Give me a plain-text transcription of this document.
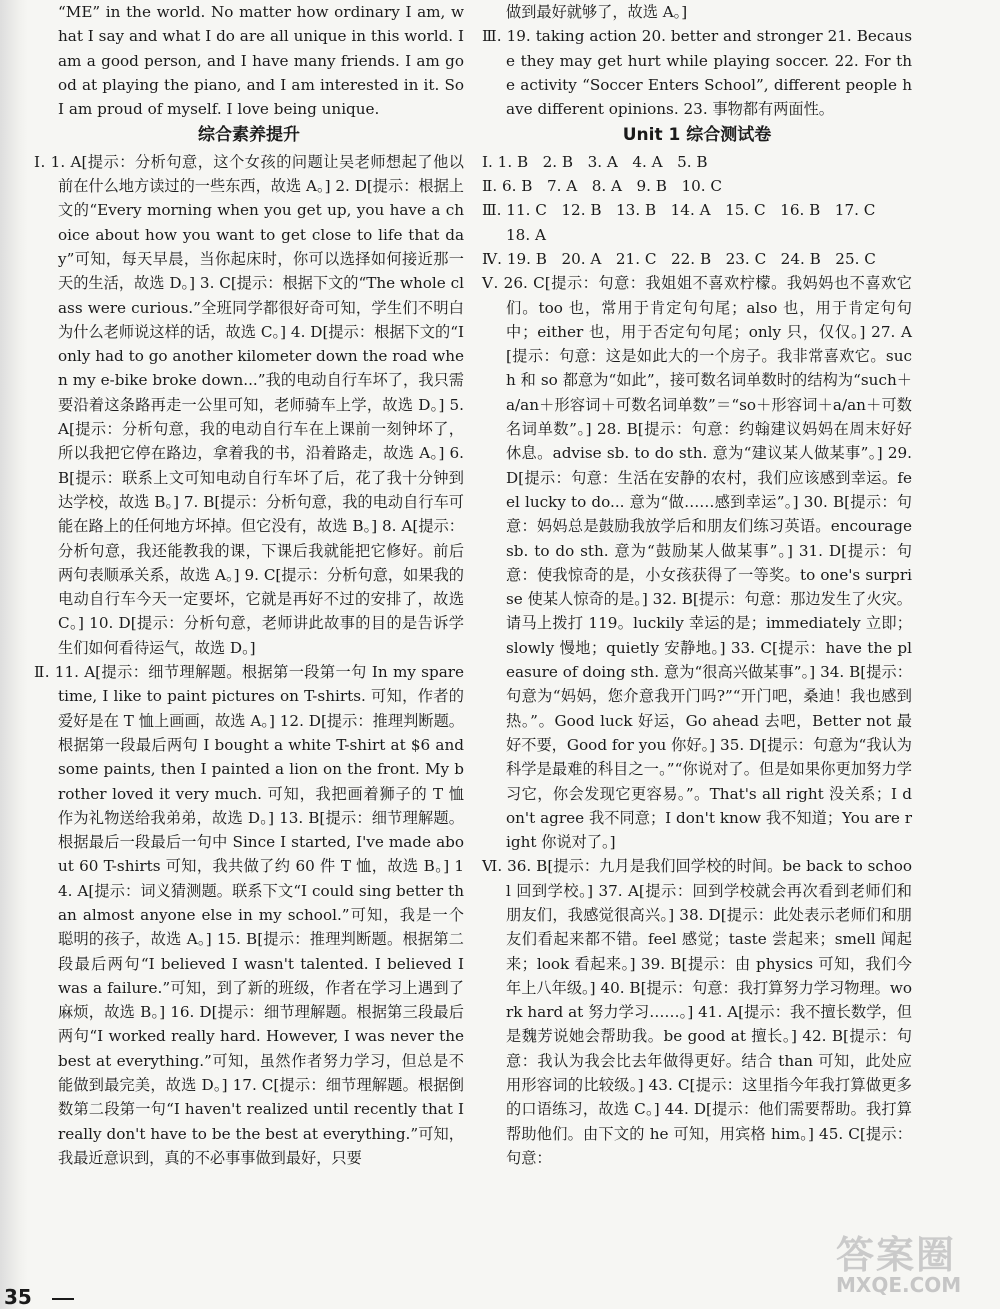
“ME” in the world. No matter how ordinary I am, what I say and what I do are all unique in this world. I am a good person, and I have many friends. I am good at playing the piano, and I am interested in it. So I am proud of myself. I love being unique.

综合素养提升

Ⅰ. 1. A[提示：分析句意，这个女孩的问题让吴老师想起了他以前在什么地方读过的一些东西，故选 A。] 2. D[提示：根据上文的“Every morning when you get up, you have a choice about how you want to get close to life that day”可知，每天早晨，当你起床时，你可以选择如何接近那一天的生活，故选 D。] 3. C[提示：根据下文的“The whole class were curious.”全班同学都很好奇可知，学生们不明白为什么老师说这样的话，故选 C。] 4. D[提示：根据下文的“I only had to go another kilometer down the road when my e-bike broke down...”我的电动自行车坏了，我只需要沿着这条路再走一公里可知，老师骑车上学，故选 D。] 5. A[提示：分析句意，我的电动自行车在上课前一刻钟坏了，所以我把它停在路边，拿着我的书，沿着路走，故选 A。] 6. B[提示：联系上文可知电动自行车坏了后，花了我十分钟到达学校，故选 B。] 7. B[提示：分析句意，我的电动自行车可能在路上的任何地方坏掉。但它没有，故选 B。] 8. A[提示：分析句意，我还能教我的课，下课后我就能把它修好。前后两句表顺承关系，故选 A。] 9. C[提示：分析句意，如果我的电动自行车今天一定要坏，它就是再好不过的安排了，故选 C。] 10. D[提示：分析句意，老师讲此故事的目的是告诉学生们如何看待运气，故选 D。]

Ⅱ. 11. A[提示：细节理解题。根据第一段第一句 In my spare time, I like to paint pictures on T-shirts. 可知，作者的爱好是在 T 恤上画画，故选 A。] 12. D[提示：推理判断题。根据第一段最后两句 I bought a white T-shirt at $6 and some paints, then I painted a lion on the front. My brother loved it very much. 可知，我把画着狮子的 T 恤作为礼物送给我弟弟，故选 D。] 13. B[提示：细节理解题。根据最后一段最后一句中 Since I started, I've made about 60 T-shirts 可知，我共做了约 60 件 T 恤，故选 B。] 14. A[提示：词义猜测题。联系下文“I could sing better than almost anyone else in my school.”可知，我是一个聪明的孩子，故选 A。] 15. B[提示：推理判断题。根据第二段最后两句“I believed I wasn't talented. I believed I was a failure.”可知，到了新的班级，作者在学习上遇到了麻烦，故选 B。] 16. D[提示：细节理解题。根据第三段最后两句“I worked really hard. However, I was never the best at everything.”可知，虽然作者努力学习，但总是不能做到最完美，故选 D。] 17. C[提示：细节理解题。根据倒数第二段第一句“I haven't realized until recently that I really don't have to be the best at everything.”可知，我最近意识到，真的不必事事做到最好，只要

做到最好就够了，故选 A。]

Ⅲ. 19. taking action 20. better and stronger 21. Because they may get hurt while playing soccer. 22. For the activity “Soccer Enters School”, different people have different opinions. 23. 事物都有两面性。

Unit 1 综合测试卷

Ⅰ. 1. B   2. B   3. A   4. A   5. B

Ⅱ. 6. B   7. A   8. A   9. B   10. C

Ⅲ. 11. C   12. B   13. B   14. A   15. C   16. B   17. C

18. A

Ⅳ. 19. B   20. A   21. C   22. B   23. C   24. B   25. C

Ⅴ. 26. C[提示：句意：我姐姐不喜欢柠檬。我妈妈也不喜欢它们。too 也，常用于肯定句句尾；also 也，用于肯定句句中；either 也，用于否定句句尾；only 只，仅仅。] 27. A[提示：句意：这是如此大的一个房子。我非常喜欢它。such 和 so 都意为“如此”，接可数名词单数时的结构为“such＋a/an＋形容词＋可数名词单数”＝“so＋形容词＋a/an＋可数名词单数”。] 28. B[提示：句意：约翰建议妈妈在周末好好休息。advise sb. to do sth. 意为“建议某人做某事”。] 29. D[提示：句意：生活在安静的农村，我们应该感到幸运。feel lucky to do... 意为“做……感到幸运”。] 30. B[提示：句意：妈妈总是鼓励我放学后和朋友们练习英语。encourage sb. to do sth. 意为“鼓励某人做某事”。] 31. D[提示：句意：使我惊奇的是，小女孩获得了一等奖。to one's surprise 使某人惊奇的是。] 32. B[提示：句意：那边发生了火灾。请马上拨打 119。luckily 幸运的是；immediately 立即；slowly 慢地；quietly 安静地。] 33. C[提示：have the pleasure of doing sth. 意为“很高兴做某事”。] 34. B[提示：句意为“妈妈，您介意我开门吗?”“开门吧，桑迪！我也感到热。”。Good luck 好运，Go ahead 去吧，Better not 最好不要，Good for you 你好。] 35. D[提示：句意为“我认为科学是最难的科目之一。”“你说对了。但是如果你更加努力学习它，你会发现它更容易。”。That's all right 没关系；I don't agree 我不同意；I don't know 我不知道；You are right 你说对了。]

Ⅵ. 36. B[提示：九月是我们回学校的时间。be back to school 回到学校。] 37. A[提示：回到学校就会再次看到老师们和朋友们，我感觉很高兴。] 38. D[提示：此处表示老师们和朋友们看起来都不错。feel 感觉；taste 尝起来；smell 闻起来；look 看起来。] 39. B[提示：由 physics 可知，我们今年上八年级。] 40. B[提示：句意：我打算努力学习物理。work hard at 努力学习……。] 41. A[提示：我不擅长数学，但是魏芳说她会帮助我。be good at 擅长。] 42. B[提示：句意：我认为我会比去年做得更好。结合 than 可知，此处应用形容词的比较级。] 43. C[提示：这里指今年我打算做更多的口语练习，故选 C。] 44. D[提示：他们需要帮助。我打算帮助他们。由下文的 he 可知，用宾格 him。] 45. C[提示：句意：

35
答案圈
MXQE.COM
